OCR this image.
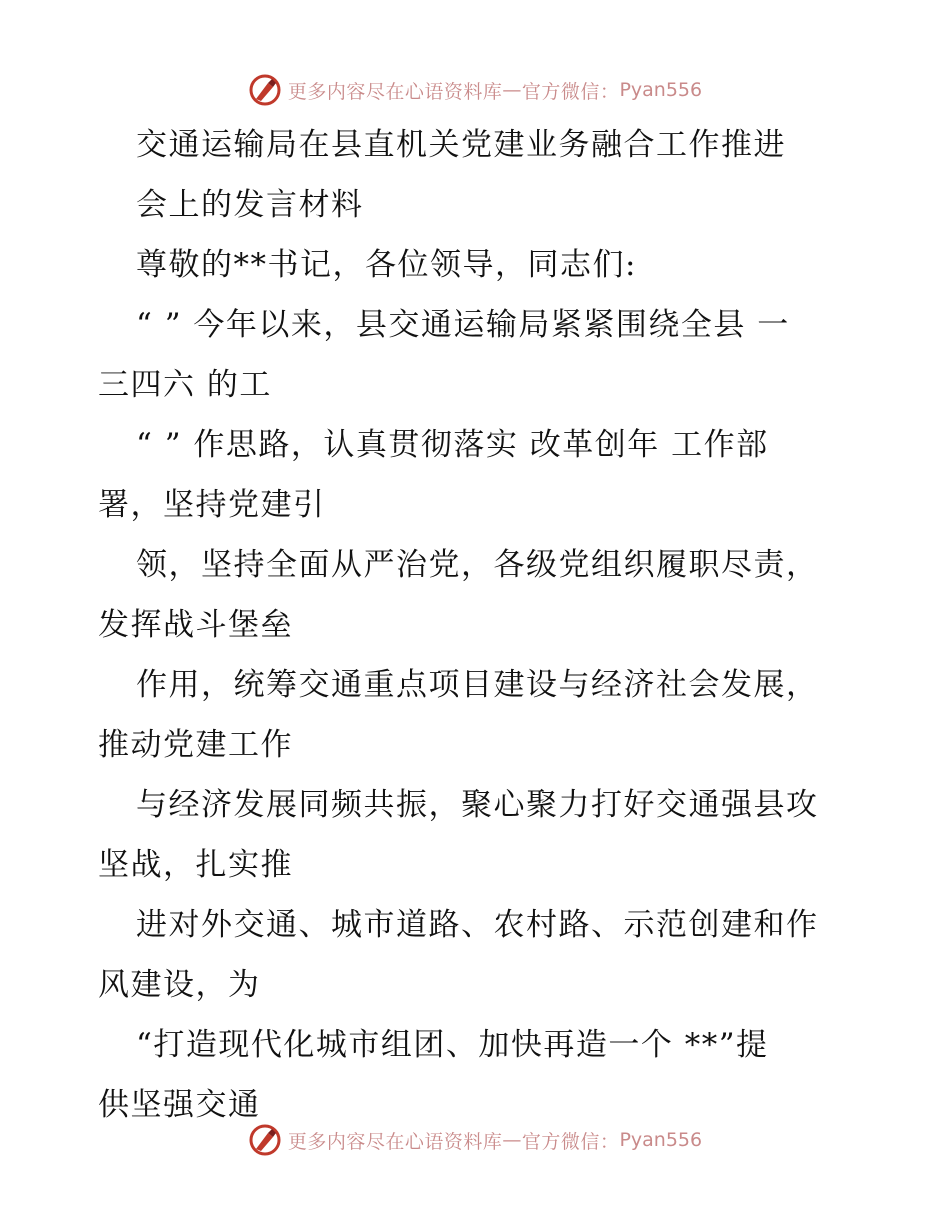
更多内容尽在心语资料库 — 官方微信： Pyan556
交通运输局在县直机关党建业务融合工作推进
会上的发言材料
尊敬的**书记，各位领导，同志们:
“ ” 今年以来，县交通运输局紧紧围绕全县 一
三四六 的工
“ ” 作思路，认真贯彻落实 改革创年 工作部
署，坚持党建引
领，坚持全面从严治党，各级党组织履职尽责，
发挥战斗堡垒
作用，统筹交通重点项目建设与经济社会发展，
推动党建工作
与经济发展同频共振，聚心聚力打好交通强县攻
坚战，扎实推
进对外交通、城市道路、农村路、示范创建和作
风建设，为
“打造现代化城市组团、加快再造一个 **”提
供坚强交通
更多内容尽在心语资料库 — 官方微信： Pyan556
